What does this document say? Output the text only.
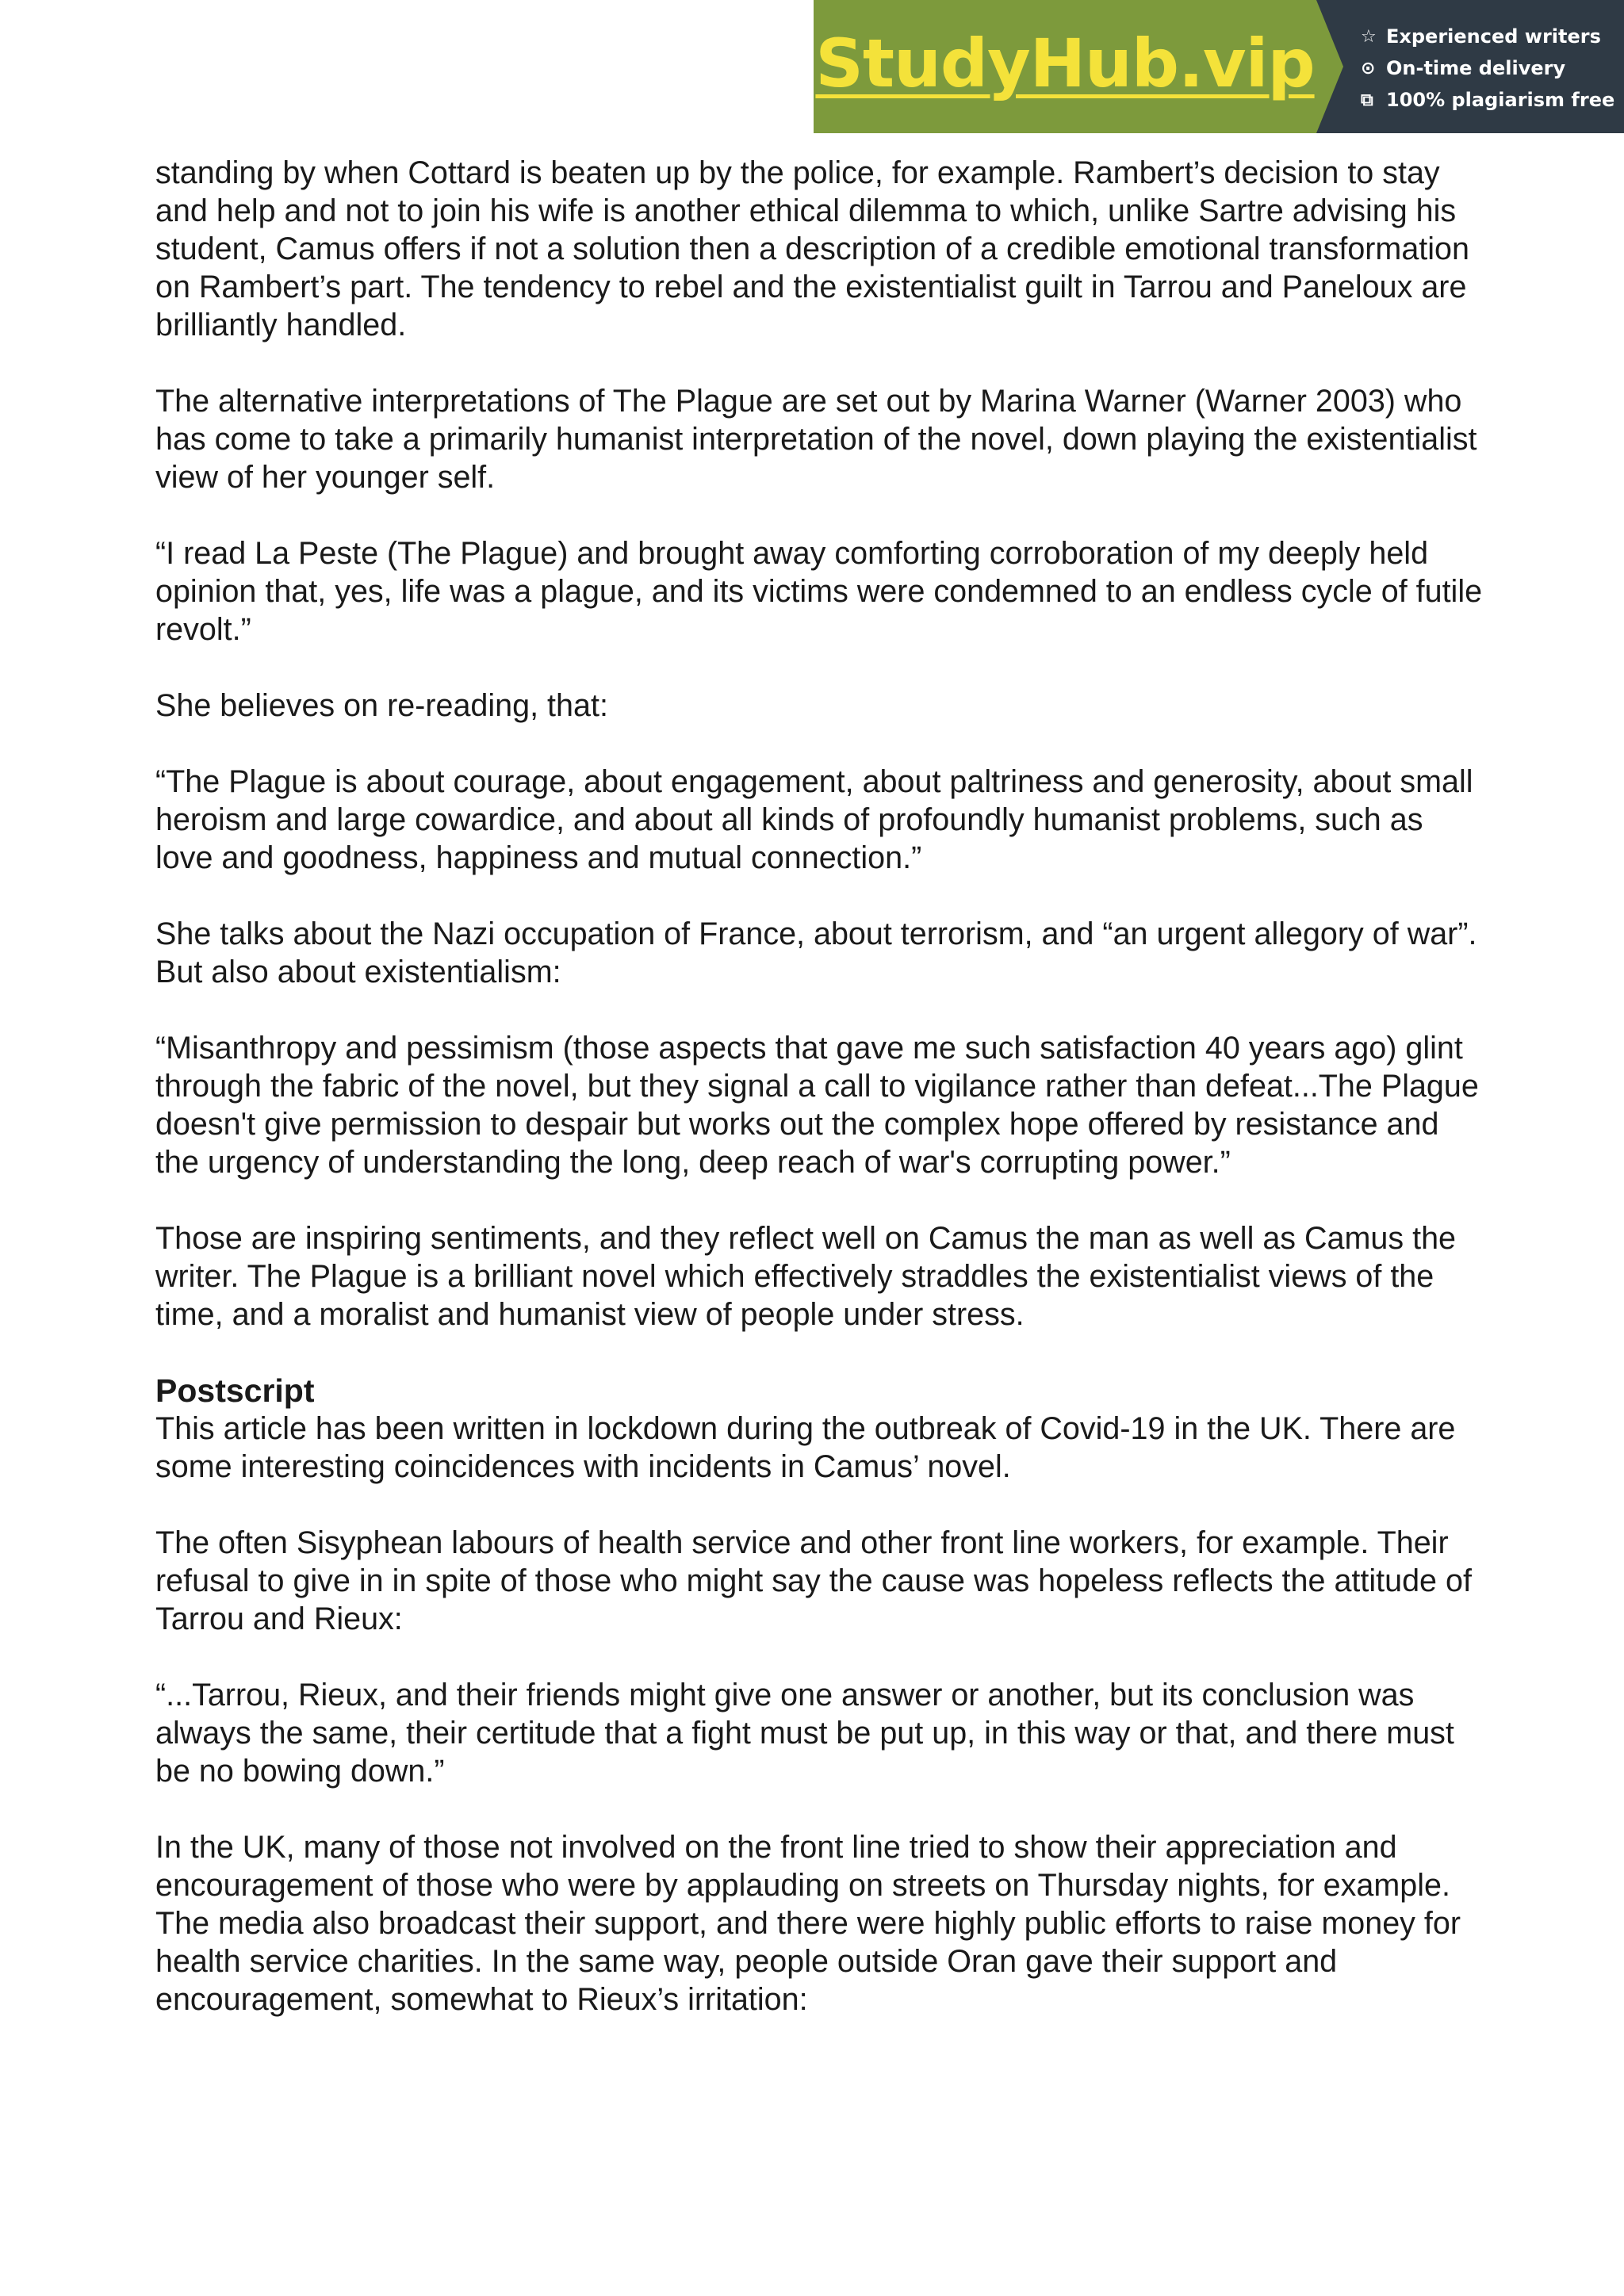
StudyHub.vip	☆ Experienced writers
⊙ On-time delivery
⧉ 100% plagiarism free

standing by when Cottard is beaten up by the police, for example. Rambert’s decision to stay and help and not to join his wife is another ethical dilemma to which, unlike Sartre advising his student, Camus offers if not a solution then a description of a credible emotional transformation on Rambert’s part. The tendency to rebel and the existentialist guilt in Tarrou and Paneloux are brilliantly handled.

The alternative interpretations of The Plague are set out by Marina Warner (Warner 2003) who has come to take a primarily humanist interpretation of the novel, down playing the existentialist view of her younger self.

“I read La Peste (The Plague) and brought away comforting corroboration of my deeply held opinion that, yes, life was a plague, and its victims were condemned to an endless cycle of futile revolt.”

She believes on re-reading, that:

“The Plague is about courage, about engagement, about paltriness and generosity, about small heroism and large cowardice, and about all kinds of profoundly humanist problems, such as love and goodness, happiness and mutual connection.”

She talks about the Nazi occupation of France, about terrorism, and “an urgent allegory of war”. But also about existentialism:

“Misanthropy and pessimism (those aspects that gave me such satisfaction 40 years ago) glint through the fabric of the novel, but they signal a call to vigilance rather than defeat...The Plague doesn't give permission to despair but works out the complex hope offered by resistance and the urgency of understanding the long, deep reach of war's corrupting power.”

Those are inspiring sentiments, and they reflect well on Camus the man as well as Camus the writer. The Plague is a brilliant novel which effectively straddles the existentialist views of the time, and a moralist and humanist view of people under stress.

Postscript

This article has been written in lockdown during the outbreak of Covid-19 in the UK. There are some interesting coincidences with incidents in Camus’ novel.

The often Sisyphean labours of health service and other front line workers, for example. Their refusal to give in in spite of those who might say the cause was hopeless reflects the attitude of Tarrou and Rieux:

“...Tarrou, Rieux, and their friends might give one answer or another, but its conclusion was always the same, their certitude that a fight must be put up, in this way or that, and there must be no bowing down.”

In the UK, many of those not involved on the front line tried to show their appreciation and encouragement of those who were by applauding on streets on Thursday nights, for example. The media also broadcast their support, and there were highly public efforts to raise money for health service charities. In the same way, people outside Oran gave their support and encouragement, somewhat to Rieux’s irritation:
